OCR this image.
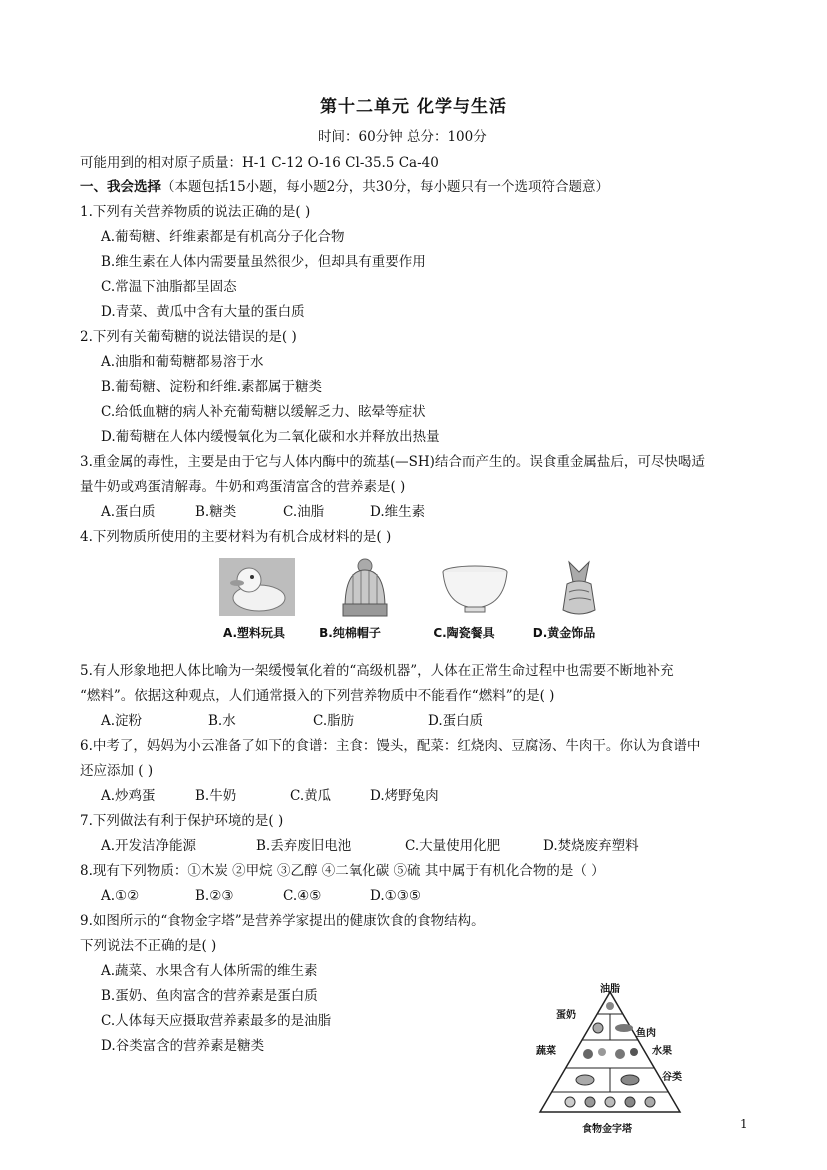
第十二单元 化学与生活
时间：60分钟 总分：100分
可能用到的相对原子质量：H-1 C-12 O-16 Cl-35.5 Ca-40
一、我会选择（本题包括15小题，每小题2分，共30分，每小题只有一个选项符合题意）
1.下列有关营养物质的说法正确的是( )
A.葡萄糖、纤维素都是有机高分子化合物
B.维生素在人体内需要量虽然很少，但却具有重要作用
C.常温下油脂都呈固态
D.青菜、黄瓜中含有大量的蛋白质
2.下列有关葡萄糖的说法错误的是( )
A.油脂和葡萄糖都易溶于水
B.葡萄糖、淀粉和纤维.素都属于糖类
C.给低血糖的病人补充葡萄糖以缓解乏力、眩晕等症状
D.葡萄糖在人体内缓慢氧化为二氧化碳和水并释放出热量
3.重金属的毒性，主要是由于它与人体内酶中的巯基(—SH)结合而产生的。误食重金属盐后，可尽快喝适
量牛奶或鸡蛋清解毒。牛奶和鸡蛋清富含的营养素是( )
A.蛋白质	B.糖类	C.油脂	D.维生素
4.下列物质所使用的主要材料为有机合成材料的是( )
A.塑料玩具	B.纯棉帽子	C.陶瓷餐具	D.黄金饰品
5.有人形象地把人体比喻为一架缓慢氧化着的“高级机器”，人体在正常生命过程中也需要不断地补充
“燃料”。依据这种观点，人们通常摄入的下列营养物质中不能看作“燃料”的是( )
A.淀粉	B.水	C.脂肪	D.蛋白质
6.中考了，妈妈为小云准备了如下的食谱：主食：馒头，配菜：红烧肉、豆腐汤、牛肉干。你认为食谱中
还应添加 ( )
A.炒鸡蛋	B.牛奶	C.黄瓜	D.烤野兔肉
7.下列做法有利于保护环境的是( )
A.开发洁净能源	B.丢弃废旧电池	C.大量使用化肥	D.焚烧废弃塑料
8.现有下列物质：①木炭 ②甲烷 ③乙醇 ④二氧化碳 ⑤硫 其中属于有机化合物的是（ ）
A.①②	B.②③	C.④⑤	D.①③⑤
9.如图所示的“食物金字塔”是营养学家提出的健康饮食的食物结构。
下列说法不正确的是( )
A.蔬菜、水果含有人体所需的维生素
B.蛋奶、鱼肉富含的营养素是蛋白质
C.人体每天应摄取营养素最多的是油脂
D.谷类富含的营养素是糖类
油脂
蛋奶
鱼肉
蔬菜	水果
谷类
食物金字塔	1
